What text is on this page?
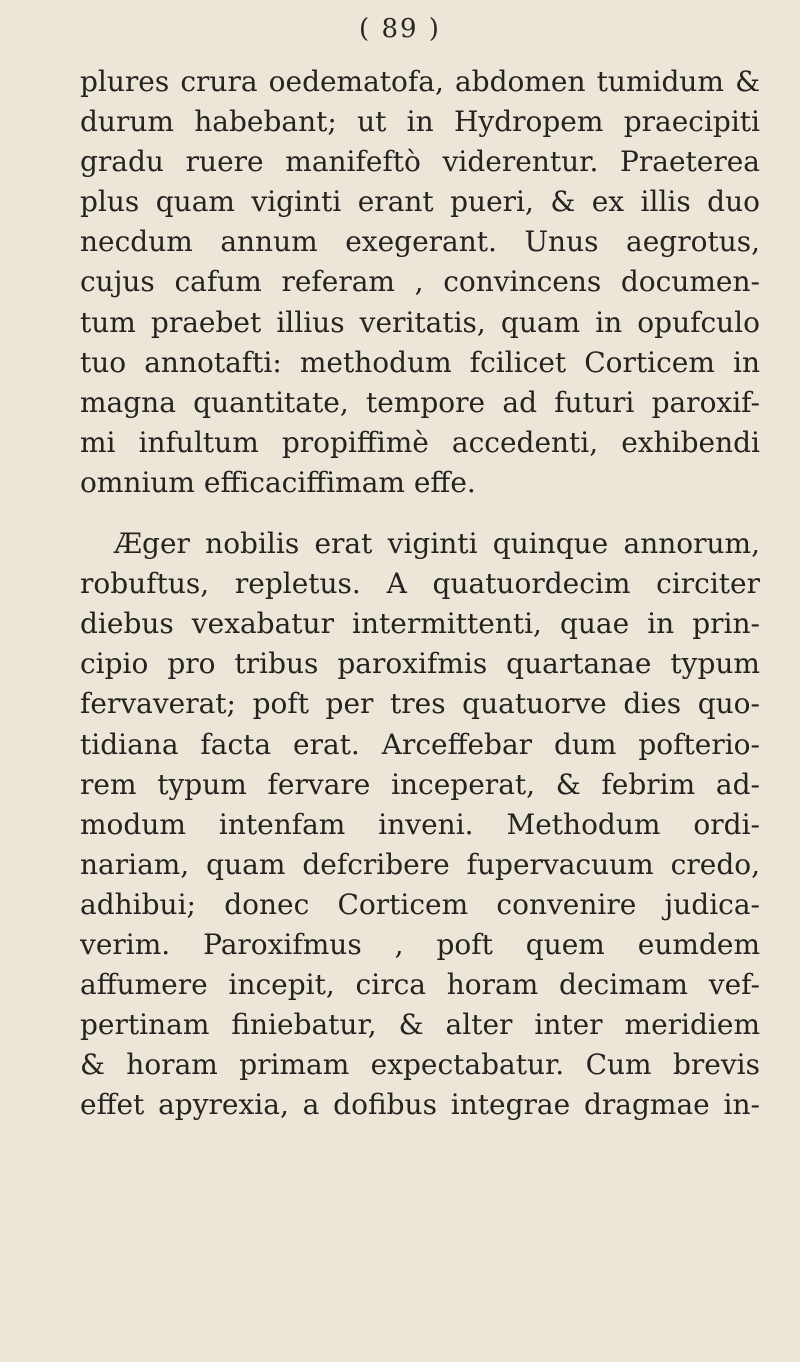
( 89 )
plures crura oedematofa, abdomen tumidum &
durum habebant; ut in Hydropem praecipiti
gradu ruere manifeftò viderentur. Praeterea
plus quam viginti erant pueri, & ex illis duo
necdum annum exegerant. Unus aegrotus,
cujus cafum referam , convincens documen-
tum praebet illius veritatis, quam in opufculo
tuo annotafti: methodum fcilicet Corticem in
magna quantitate, tempore ad futuri paroxif-
mi infultum propiffimè accedenti, exhibendi
omnium efficaciffimam effe.
Æger nobilis erat viginti quinque annorum,
robuftus, repletus. A quatuordecim circiter
diebus vexabatur intermittenti, quae in prin-
cipio pro tribus paroxifmis quartanae typum
fervaverat; poft per tres quatuorve dies quo-
tidiana facta erat. Arceffebar dum pofterio-
rem typum fervare inceperat, & febrim ad-
modum intenfam inveni. Methodum ordi-
nariam, quam defcribere fupervacuum credo,
adhibui; donec Corticem convenire judica-
verim. Paroxifmus , poft quem eumdem
affumere incepit, circa horam decimam vef-
pertinam finiebatur, & alter inter meridiem
& horam primam expectabatur. Cum brevis
effet apyrexia, a dofibus integrae dragmae in-
